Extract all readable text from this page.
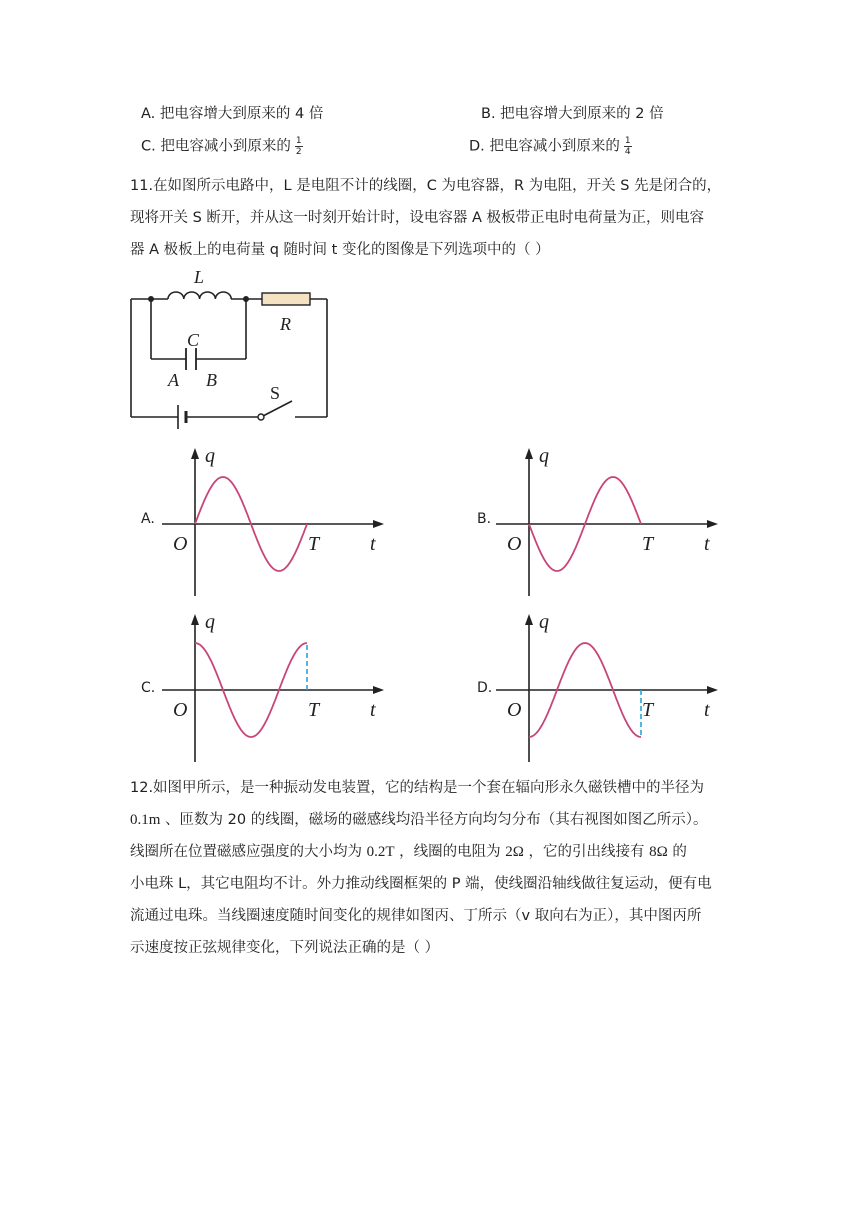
A. 把电容增大到原来的 4 倍	B. 把电容增大到原来的 2 倍
C. 把电容减小到原来的 $\frac{1}{2}$	D. 把电容减小到原来的 $\frac{1}{4}$
11.在如图所示电路中，L 是电阻不计的线圈，C 为电容器，R 为电阻，开关 S 先是闭合的，
现将开关 S 断开，并从这一时刻开始计时，设电容器 A 极板带正电时电荷量为正，则电容
器 A 极板上的电荷量 q 随时间 t 变化的图像是下列选项中的（ ）
L
C
A B
R
S
A.
q
t
O	T
B.
q
t
O	T
C.
q
t
O	T
D.
q
t
O	T
12.如图甲所示，是一种振动发电装置，它的结构是一个套在辐向形永久磁铁槽中的半径为
0.1m 、匝数为 20 的线圈，磁场的磁感线均沿半径方向均匀分布（其右视图如图乙所示）。
线圈所在位置磁感应强度的大小均为 0.2T ，线圈的电阻为 2Ω ，它的引出线接有 8Ω 的
小电珠 L，其它电阻均不计。外力推动线圈框架的 P 端，使线圈沿轴线做往复运动，便有电
流通过电珠。当线圈速度随时间变化的规律如图丙、丁所示（v 取向右为正），其中图丙所
示速度按正弦规律变化，下列说法正确的是（ ）
